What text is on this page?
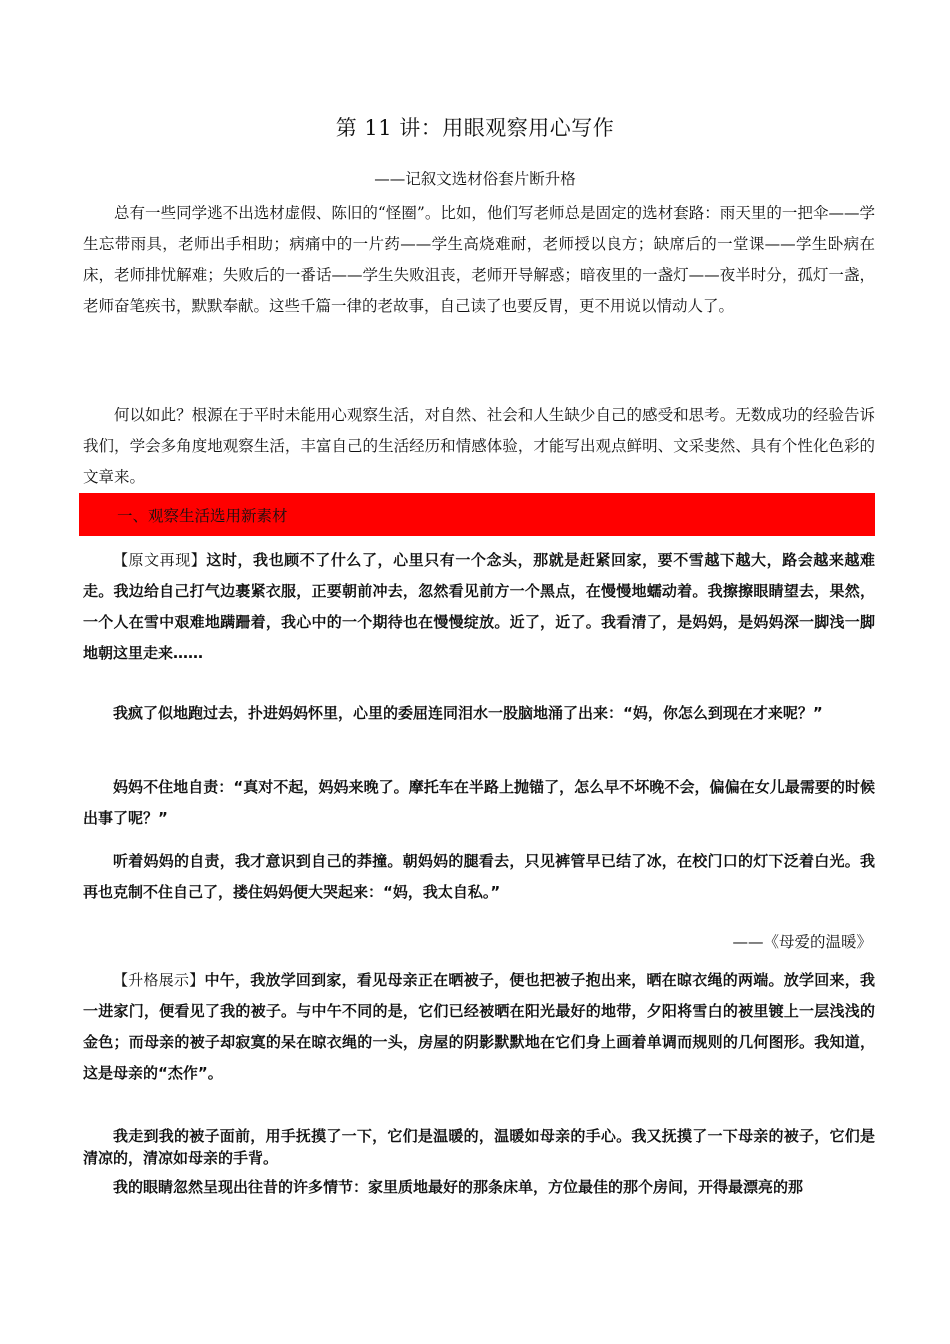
第 11 讲：用眼观察用心写作
——记叙文选材俗套片断升格

总有一些同学逃不出选材虚假、陈旧的“怪圈”。比如，他们写老师总是固定的选材套路：雨天里的一把伞——学生忘带雨具，老师出手相助；病痛中的一片药——学生高烧难耐，老师授以良方；缺席后的一堂课——学生卧病在床，老师排忧解难；失败后的一番话——学生失败沮丧，老师开导解惑；暗夜里的一盏灯——夜半时分，孤灯一盏，老师奋笔疾书，默默奉献。这些千篇一律的老故事，自己读了也要反胃，更不用说以情动人了。

何以如此？根源在于平时未能用心观察生活，对自然、社会和人生缺少自己的感受和思考。无数成功的经验告诉我们，学会多角度地观察生活，丰富自己的生活经历和情感体验，才能写出观点鲜明、文采斐然、具有个性化色彩的文章来。

一、观察生活选用新素材

【原文再现】这时，我也顾不了什么了，心里只有一个念头，那就是赶紧回家，要不雪越下越大，路会越来越难走。我边给自己打气边裹紧衣服，正要朝前冲去，忽然看见前方一个黑点，在慢慢地蠕动着。我擦擦眼睛望去，果然，一个人在雪中艰难地蹒跚着，我心中的一个期待也在慢慢绽放。近了，近了。我看清了，是妈妈，是妈妈深一脚浅一脚地朝这里走来……

我疯了似地跑过去，扑进妈妈怀里，心里的委屈连同泪水一股脑地涌了出来：“妈，你怎么到现在才来呢？”

妈妈不住地自责：“真对不起，妈妈来晚了。摩托车在半路上抛锚了，怎么早不坏晚不会，偏偏在女儿最需要的时候出事了呢？”

听着妈妈的自责，我才意识到自己的莽撞。朝妈妈的腿看去，只见裤管早已结了冰，在校门口的灯下泛着白光。我再也克制不住自己了，搂住妈妈便大哭起来：“妈，我太自私。”

——《母爱的温暖》

【升格展示】中午，我放学回到家，看见母亲正在晒被子，便也把被子抱出来，晒在晾衣绳的两端。放学回来，我一进家门，便看见了我的被子。与中午不同的是，它们已经被晒在阳光最好的地带，夕阳将雪白的被里镀上一层浅浅的金色；而母亲的被子却寂寞的呆在晾衣绳的一头，房屋的阴影默默地在它们身上画着单调而规则的几何图形。我知道，这是母亲的“杰作”。

我走到我的被子面前，用手抚摸了一下，它们是温暖的，温暖如母亲的手心。我又抚摸了一下母亲的被子，它们是清凉的，清凉如母亲的手背。

我的眼睛忽然呈现出往昔的许多情节：家里质地最好的那条床单，方位最佳的那个房间，开得最漂亮的那
